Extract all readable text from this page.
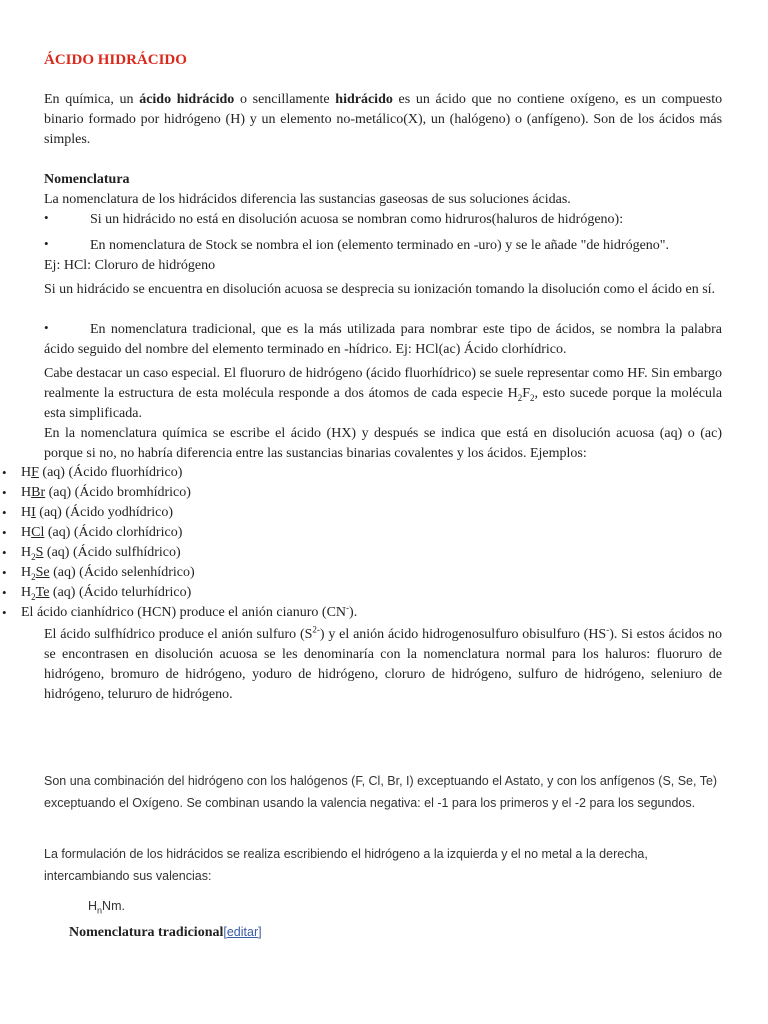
ÁCIDO HIDRÁCIDO
En química, un ácido hidrácido o sencillamente hidrácido es un ácido que no contiene oxígeno, es un compuesto binario formado por hidrógeno (H) y un elemento no-metálico(X), un (halógeno) o (anfígeno). Son de los ácidos más simples.
Nomenclatura
La nomenclatura de los hidrácidos diferencia las sustancias gaseosas de sus soluciones ácidas.
•	Si un hidrácido no está en disolución acuosa se nombran como hidruros(haluros de hidrógeno):
•	En nomenclatura de Stock se nombra el ion (elemento terminado en -uro) y se le añade "de hidrógeno".
Ej: HCl: Cloruro de hidrógeno
Si un hidrácido se encuentra en disolución acuosa se desprecia su ionización tomando la disolución como el ácido en sí.
•	En nomenclatura tradicional, que es la más utilizada para nombrar este tipo de ácidos, se nombra la palabra ácido seguido del nombre del elemento terminado en -hídrico. Ej: HCl(ac) Ácido clorhídrico.
Cabe destacar un caso especial. El fluoruro de hidrógeno (ácido fluorhídrico) se suele representar como HF. Sin embargo realmente la estructura de esta molécula responde a dos átomos de cada especie $H_2F_2$, esto sucede porque la molécula esta simplificada.
En la nomenclatura química se escribe el ácido (HX) y después se indica que está en disolución acuosa (aq) o (ac) porque si no, no habría diferencia entre las sustancias binarias covalentes y los ácidos. Ejemplos:
• HF (aq) (Ácido fluorhídrico)
• HBr (aq) (Ácido bromhídrico)
• HI (aq) (Ácido yodhídrico)
• HCl (aq) (Ácido clorhídrico)
• $H_2S$ (aq) (Ácido sulfhídrico)
• $H_2Se$ (aq) (Ácido selenhídrico)
• $H_2Te$ (aq) (Ácido telurhídrico)
• El ácido cianhídrico (HCN) produce el anión cianuro (CN-).
El ácido sulfhídrico produce el anión sulfuro $(S^{2-})$ y el anión ácido hidrogenosulfuro obisulfuro (HS-). Si estos ácidos no se encontrasen en disolución acuosa se les denominaría con la nomenclatura normal para los haluros: fluoruro de hidrógeno, bromuro de hidrógeno, yoduro de hidrógeno, cloruro de hidrógeno, sulfuro de hidrógeno, seleniuro de hidrógeno, telururo de hidrógeno.
Son una combinación del hidrógeno con los halógenos (F, Cl, Br, I) exceptuando el Astato, y con los anfígenos (S, Se, Te) exceptuando el Oxígeno. Se combinan usando la valencia negativa: el -1 para los primeros y el -2 para los segundos.
La formulación de los hidrácidos se realiza escribiendo el hidrógeno a la izquierda y el no metal a la derecha, intercambiando sus valencias:
$H_nNm$.
Nomenclatura tradicional[editar]
